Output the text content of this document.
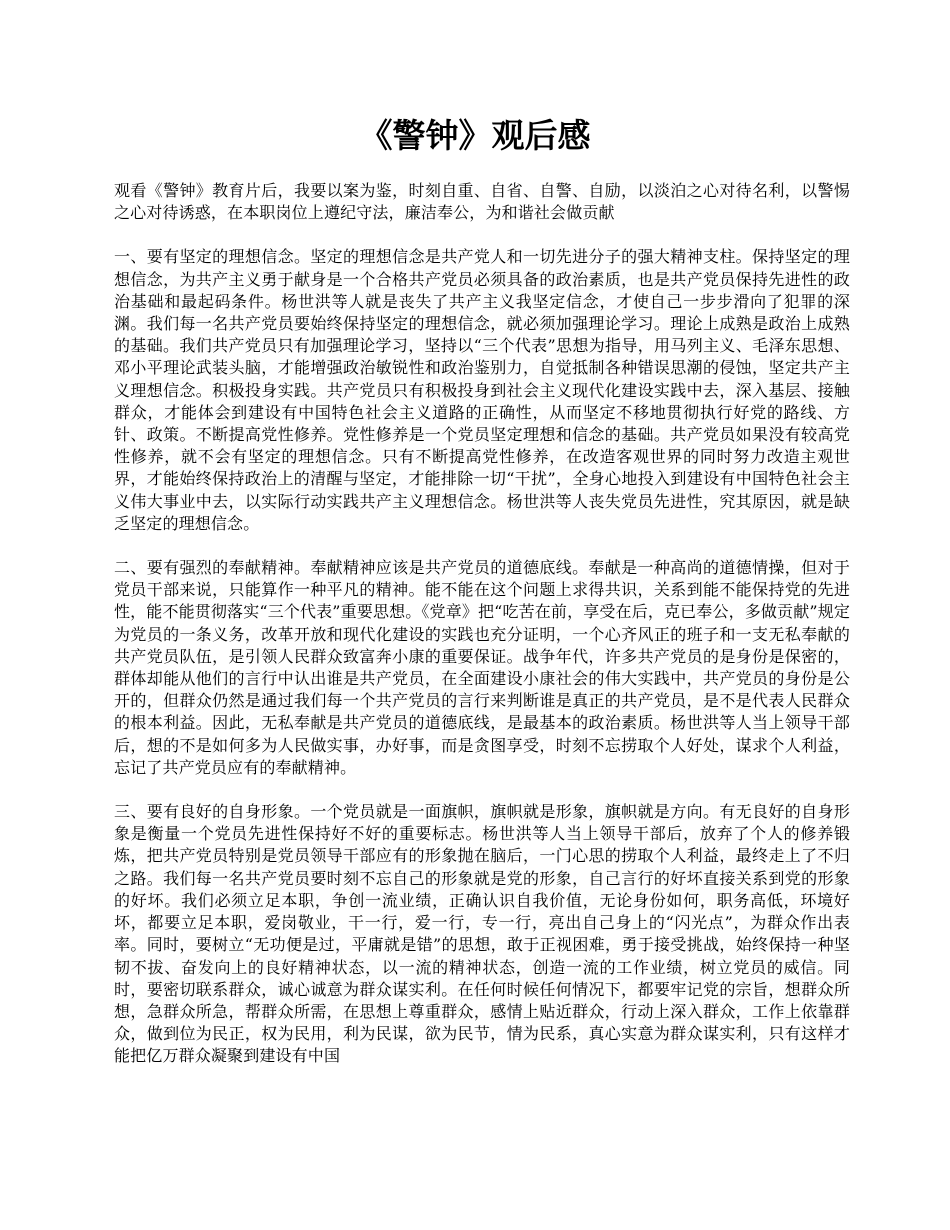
《警钟》观后感

观看《警钟》教育片后，我要以案为鉴，时刻自重、自省、自警、自励，以淡泊之心对待名利，以警惕之心对待诱惑，在本职岗位上遵纪守法，廉洁奉公，为和谐社会做贡献

一、要有坚定的理想信念。坚定的理想信念是共产党人和一切先进分子的强大精神支柱。保持坚定的理想信念，为共产主义勇于献身是一个合格共产党员必须具备的政治素质，也是共产党员保持先进性的政治基础和最起码条件。杨世洪等人就是丧失了共产主义我坚定信念，才使自己一步步滑向了犯罪的深渊。我们每一名共产党员要始终保持坚定的理想信念，就必须加强理论学习。理论上成熟是政治上成熟的基础。我们共产党员只有加强理论学习，坚持以“三个代表”思想为指导，用马列主义、毛泽东思想、邓小平理论武装头脑，才能增强政治敏锐性和政治鉴别力，自觉抵制各种错误思潮的侵蚀，坚定共产主义理想信念。积极投身实践。共产党员只有积极投身到社会主义现代化建设实践中去，深入基层、接触群众，才能体会到建设有中国特色社会主义道路的正确性，从而坚定不移地贯彻执行好党的路线、方针、政策。不断提高党性修养。党性修养是一个党员坚定理想和信念的基础。共产党员如果没有较高党性修养，就不会有坚定的理想信念。只有不断提高党性修养，在改造客观世界的同时努力改造主观世界，才能始终保持政治上的清醒与坚定，才能排除一切“干扰”，全身心地投入到建设有中国特色社会主义伟大事业中去，以实际行动实践共产主义理想信念。杨世洪等人丧失党员先进性，究其原因，就是缺乏坚定的理想信念。

二、要有强烈的奉献精神。奉献精神应该是共产党员的道德底线。奉献是一种高尚的道德情操，但对于党员干部来说，只能算作一种平凡的精神。能不能在这个问题上求得共识，关系到能不能保持党的先进性，能不能贯彻落实“三个代表”重要思想。《党章》把“吃苦在前，享受在后，克已奉公，多做贡献”规定为党员的一条义务，改革开放和现代化建设的实践也充分证明，一个心齐风正的班子和一支无私奉献的共产党员队伍，是引领人民群众致富奔小康的重要保证。战争年代，许多共产党员的是身份是保密的，群体却能从他们的言行中认出谁是共产党员，在全面建设小康社会的伟大实践中，共产党员的身份是公开的，但群众仍然是通过我们每一个共产党员的言行来判断谁是真正的共产党员，是不是代表人民群众的根本利益。因此，无私奉献是共产党员的道德底线，是最基本的政治素质。杨世洪等人当上领导干部后，想的不是如何多为人民做实事，办好事，而是贪图享受，时刻不忘捞取个人好处，谋求个人利益，忘记了共产党员应有的奉献精神。

三、要有良好的自身形象。一个党员就是一面旗帜，旗帜就是形象，旗帜就是方向。有无良好的自身形象是衡量一个党员先进性保持好不好的重要标志。杨世洪等人当上领导干部后，放弃了个人的修养锻炼，把共产党员特别是党员领导干部应有的形象抛在脑后，一门心思的捞取个人利益，最终走上了不归之路。我们每一名共产党员要时刻不忘自己的形象就是党的形象，自己言行的好坏直接关系到党的形象的好坏。我们必须立足本职，争创一流业绩，正确认识自我价值，无论身份如何，职务高低，环境好坏，都要立足本职，爱岗敬业，干一行，爱一行，专一行，亮出自己身上的“闪光点”，为群众作出表率。同时，要树立“无功便是过，平庸就是错”的思想，敢于正视困难，勇于接受挑战，始终保持一种坚韧不拔、奋发向上的良好精神状态，以一流的精神状态，创造一流的工作业绩，树立党员的威信。同时，要密切联系群众，诚心诚意为群众谋实利。在任何时候任何情况下，都要牢记党的宗旨，想群众所想，急群众所急，帮群众所需，在思想上尊重群众，感情上贴近群众，行动上深入群众，工作上依靠群众，做到位为民正，权为民用，利为民谋，欲为民节，情为民系，真心实意为群众谋实利，只有这样才能把亿万群众凝聚到建设有中国
